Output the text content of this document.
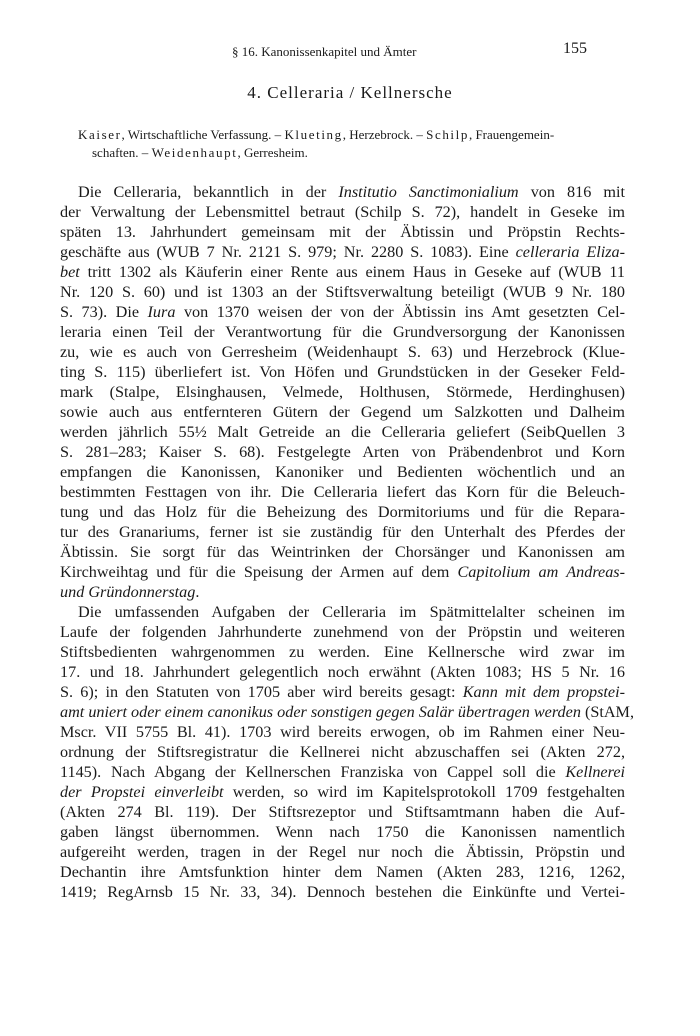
§ 16. Kanonissenkapitel und Ämter	155
4. Celleraria / Kellnersche
Kaiser, Wirtschaftliche Verfassung. – Klueting, Herzebrock. – Schilp, Frauengemein-
schaften. – Weidenhaupt, Gerresheim.
Die Celleraria, bekanntlich in der Institutio Sanctimonialium von 816 mit
der Verwaltung der Lebensmittel betraut (Schilp S. 72), handelt in Geseke im
späten 13. Jahrhundert gemeinsam mit der Äbtissin und Pröpstin Rechts-
geschäfte aus (WUB 7 Nr. 2121 S. 979; Nr. 2280 S. 1083). Eine celleraria Eliza-
bet tritt 1302 als Käuferin einer Rente aus einem Haus in Geseke auf (WUB 11
Nr. 120 S. 60) und ist 1303 an der Stiftsverwaltung beteiligt (WUB 9 Nr. 180
S. 73). Die Iura von 1370 weisen der von der Äbtissin ins Amt gesetzten Cel-
leraria einen Teil der Verantwortung für die Grundversorgung der Kanonissen
zu, wie es auch von Gerresheim (Weidenhaupt S. 63) und Herzebrock (Klue-
ting S. 115) überliefert ist. Von Höfen und Grundstücken in der Geseker Feld-
mark (Stalpe, Elsinghausen, Velmede, Holthusen, Störmede, Herdinghusen)
sowie auch aus entfernteren Gütern der Gegend um Salzkotten und Dalheim
werden jährlich 55½ Malt Getreide an die Celleraria geliefert (SeibQuellen 3
S. 281–283; Kaiser S. 68). Festgelegte Arten von Präbendenbrot und Korn
empfangen die Kanonissen, Kanoniker und Bedienten wöchentlich und an
bestimmten Festtagen von ihr. Die Celleraria liefert das Korn für die Beleuch-
tung und das Holz für die Beheizung des Dormitoriums und für die Repara-
tur des Granariums, ferner ist sie zuständig für den Unterhalt des Pferdes der
Äbtissin. Sie sorgt für das Weintrinken der Chorsänger und Kanonissen am
Kirchweihtag und für die Speisung der Armen auf dem Capitolium am Andreas-
und Gründonnerstag.
Die umfassenden Aufgaben der Celleraria im Spätmittelalter scheinen im
Laufe der folgenden Jahrhunderte zunehmend von der Pröpstin und weiteren
Stiftsbedienten wahrgenommen zu werden. Eine Kellnersche wird zwar im
17. und 18. Jahrhundert gelegentlich noch erwähnt (Akten 1083; HS 5 Nr. 16
S. 6); in den Statuten von 1705 aber wird bereits gesagt: Kann mit dem propstei-
amt uniert oder einem canonikus oder sonstigen gegen Salär übertragen werden (StAM,
Mscr. VII 5755 Bl. 41). 1703 wird bereits erwogen, ob im Rahmen einer Neu-
ordnung der Stiftsregistratur die Kellnerei nicht abzuschaffen sei (Akten 272,
1145). Nach Abgang der Kellnerschen Franziska von Cappel soll die Kellnerei
der Propstei einverleibt werden, so wird im Kapitelsprotokoll 1709 festgehalten
(Akten 274 Bl. 119). Der Stiftsrezeptor und Stiftsamtmann haben die Auf-
gaben längst übernommen. Wenn nach 1750 die Kanonissen namentlich
aufgereiht werden, tragen in der Regel nur noch die Äbtissin, Pröpstin und
Dechantin ihre Amtsfunktion hinter dem Namen (Akten 283, 1216, 1262,
1419; RegArnsb 15 Nr. 33, 34). Dennoch bestehen die Einkünfte und Vertei-
